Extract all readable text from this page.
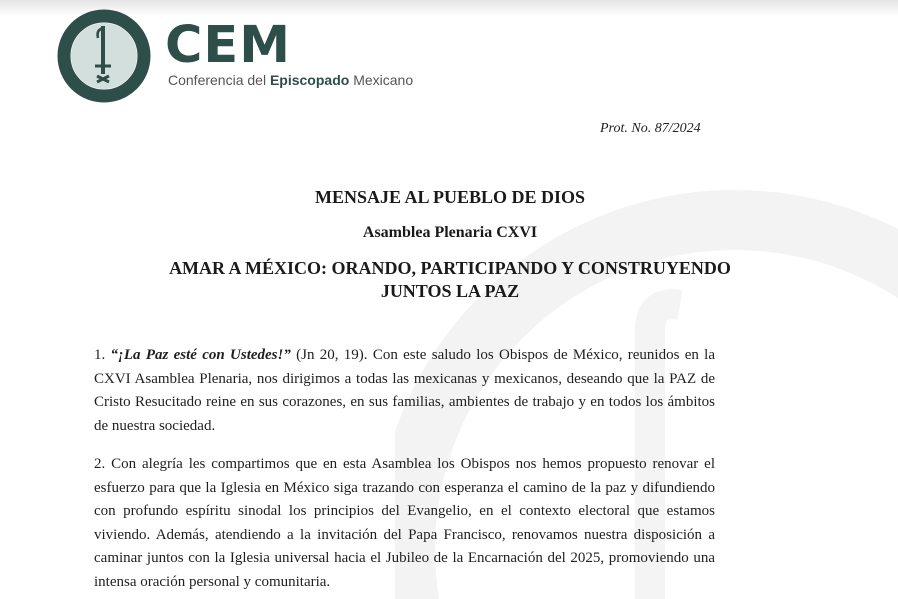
CEM
Conferencia del Episcopado Mexicano
Prot. No. 87/2024
MENSAJE AL PUEBLO DE DIOS
Asamblea Plenaria CXVI
AMAR A MÉXICO: ORANDO, PARTICIPANDO Y CONSTRUYENDO
JUNTOS LA PAZ
1. “¡La Paz esté con Ustedes!” (Jn 20, 19). Con este saludo los Obispos de México, reunidos en la CXVI Asamblea Plenaria, nos dirigimos a todas las mexicanas y mexicanos, deseando que la PAZ de Cristo Resucitado reine en sus corazones, en sus familias, ambientes de trabajo y en todos los ámbitos de nuestra sociedad.
2. Con alegría les compartimos que en esta Asamblea los Obispos nos hemos propuesto renovar el esfuerzo para que la Iglesia en México siga trazando con esperanza el camino de la paz y difundiendo con profundo espíritu sinodal los principios del Evangelio, en el contexto electoral que estamos viviendo. Además, atendiendo a la invitación del Papa Francisco, renovamos nuestra disposición a caminar juntos con la Iglesia universal hacia el Jubileo de la Encarnación del 2025, promoviendo una intensa oración personal y comunitaria.
